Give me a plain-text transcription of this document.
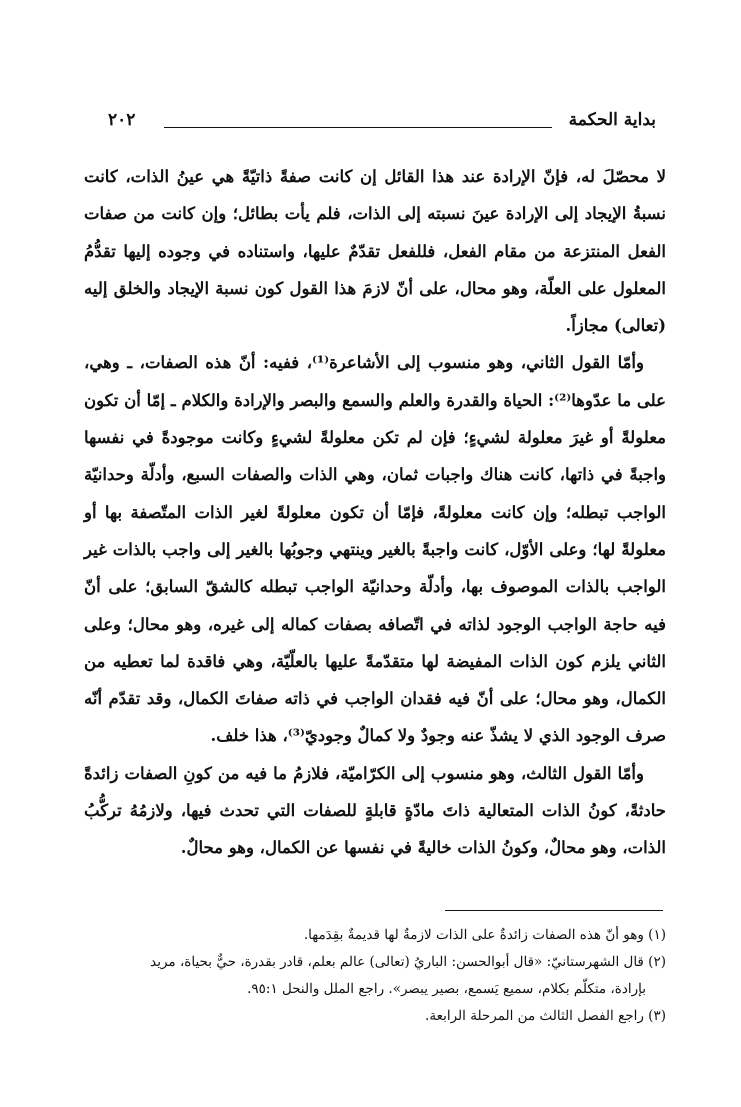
بداية الحكمة
٢٠٢

لا محصّلَ له، فإنّ الإرادة عند هذا القائل إن كانت صفةً ذاتيّةً هي عينُ الذات، كانت نسبةُ الإيجاد إلى الإرادة عينَ نسبته إلى الذات، فلم يأت بطائل؛ وإن كانت من صفات الفعل المنتزعة من مقام الفعل، فللفعل تقدّمٌ عليها، واستناده في وجوده إليها تقدُّمُ المعلول على العلّة، وهو محال، على أنّ لازمَ هذا القول كون نسبة الإيجاد والخلق إليه (تعالى) مجازاً.

وأمّا القول الثاني، وهو منسوب إلى الأشاعرة⁽¹⁾، ففيه: أنّ هذه الصفات، ـ وهي، على ما عدّوها⁽²⁾: الحياة والقدرة والعلم والسمع والبصر والإرادة والكلام ـ إمّا أن تكون معلولةً أو غيرَ معلولة لشيءٍ؛ فإن لم تكن معلولةً لشيءٍ وكانت موجودةً في نفسها واجبةً في ذاتها، كانت هناك واجبات ثمان، وهي الذات والصفات السبع، وأدلّة وحدانيّة الواجب تبطله؛ وإن كانت معلولةً، فإمّا أن تكون معلولةً لغير الذات المتّصفة بها أو معلولةً لها؛ وعلى الأوّل، كانت واجبةً بالغير وينتهي وجوبُها بالغير إلى واجب بالذات غير الواجب بالذات الموصوف بها، وأدلّة وحدانيّة الواجب تبطله كالشقّ السابق؛ على أنّ فيه حاجة الواجب الوجود لذاته في اتّصافه بصفات كماله إلى غيره، وهو محال؛ وعلى الثاني يلزم كون الذات المفيضة لها متقدّمةً عليها بالعلّيّة، وهي فاقدة لما تعطيه من الكمال، وهو محال؛ على أنّ فيه فقدان الواجب في ذاته صفاتَ الكمال، وقد تقدّم أنّه صرف الوجود الذي لا يشذّ عنه وجودٌ ولا كمالٌ وجوديّ⁽³⁾، هذا خلف.

وأمّا القول الثالث، وهو منسوب إلى الكرّاميّة، فلازمُ ما فيه من كونِ الصفات زائدةً حادثةً، كونُ الذات المتعالية ذاتَ مادّةٍ قابلةٍ للصفات التي تحدث فيها، ولازمُهُ تركُّبُ الذات، وهو محالٌ، وكونُ الذات خاليةً في نفسها عن الكمال، وهو محالٌ.

(١) وهو أنّ هذه الصفات زائدةٌ على الذات لازمةٌ لها قديمةٌ بقِدَمها.

(٢) قال الشهرستانيّ: «قال أبوالحسن: الباريُ (تعالى) عالم بعلم، قادر بقدرة، حيٌّ بحياة، مريد

بإرادة، متكلّم بكلام، سميع يَسمع، بصير يبصر». راجع الملل والنحل ٩٥:١.

(٣) راجع الفصل الثالث من المرحلة الرابعة.
